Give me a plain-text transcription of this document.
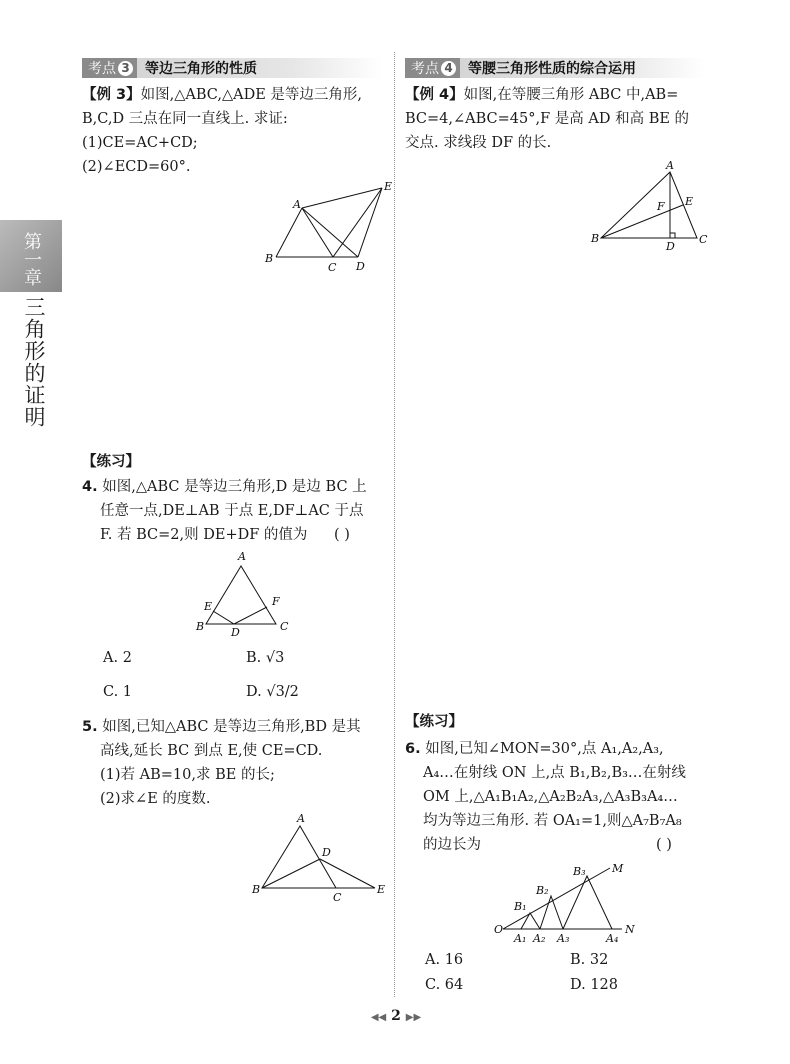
第一章
三角形的证明
考点 3 等边三角形的性质
【例 3】如图,△ABC,△ADE 是等边三角形,
B,C,D 三点在同一直线上. 求证:
(1)CE=AC+CD;
(2)∠ECD=60°.
A
E
B
C D
A
B	C
D
E	F
A
B
C
D
E
A
B	C
D
E
F
O
M
N
A₁ A₂ A₃	A₄
B₁
B₂
B₃
【练习】
4. 如图,△ABC 是等边三角形,D 是边 BC 上
任意一点,DE⊥AB 于点 E,DF⊥AC 于点
F. 若 BC=2,则 DE+DF 的值为 ( )
A. 2	B. √3
C. 1	D. √3/2
5. 如图,已知△ABC 是等边三角形,BD 是其
高线,延长 BC 到点 E,使 CE=CD.
(1)若 AB=10,求 BE 的长;
(2)求∠E 的度数.
考点 4 等腰三角形性质的综合运用
【例 4】如图,在等腰三角形 ABC 中,AB=
BC=4,∠ABC=45°,F 是高 AD 和高 BE 的
交点. 求线段 DF 的长.
【练习】
6. 如图,已知∠MON=30°,点 A₁,A₂,A₃,
A₄…在射线 ON 上,点 B₁,B₂,B₃…在射线
OM 上,△A₁B₁A₂,△A₂B₂A₃,△A₃B₃A₄…
均为等边三角形. 若 OA₁=1,则△A₇B₇A₈
的边长为	( )
A. 16	B. 32
C. 64	D. 128
◀◀ 2 ▶▶
